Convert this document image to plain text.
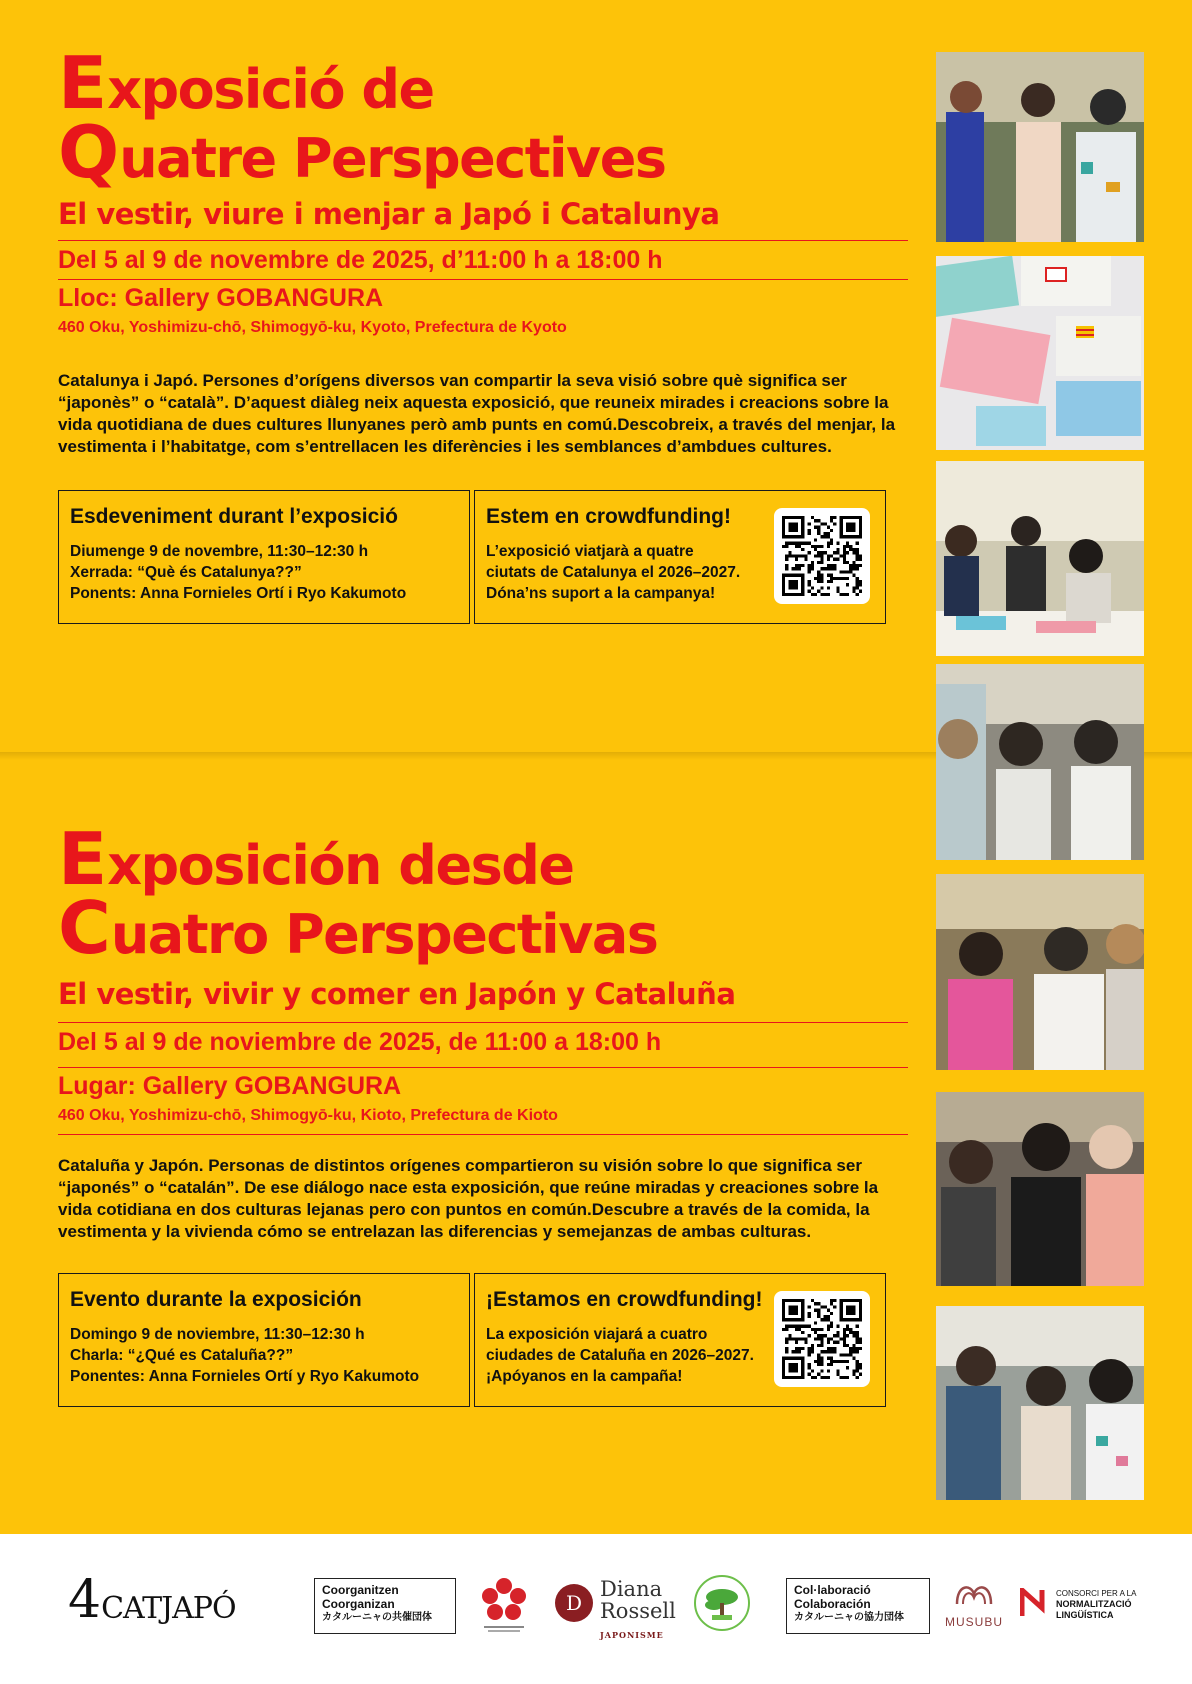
Exposició de
Quatre Perspectives
El vestir, viure i menjar a Japó i Catalunya
Del 5 al 9 de novembre de 2025, d’11:00 h a 18:00 h
Lloc: Gallery GOBANGURA
460 Oku, Yoshimizu-chō, Shimogyō-ku, Kyoto, Prefectura de Kyoto
Catalunya i Japó. Persones d’orígens diversos van compartir la seva visió sobre què significa ser “japonès” o “català”. D’aquest diàleg neix aquesta exposició, que reuneix mirades i creacions sobre la vida quotidiana de dues cultures llunyanes però amb punts en comú.Descobreix, a través del menjar, la vestimenta i l’habitatge, com s’entrellacen les diferències i les semblances d’ambdues cultures.
Esdeveniment durant l’exposició
Diumenge 9 de novembre, 11:30–12:30 h
Xerrada: “Què és Catalunya??”
Ponents: Anna Fornieles Ortí i Ryo Kakumoto
Estem en crowdfunding!
L’exposició viatjarà a quatre
ciutats de Catalunya el 2026–2027.
Dóna’ns suport a la campanya!
Exposición desde
Cuatro Perspectivas
El vestir, vivir y comer en Japón y Cataluña
Del 5 al 9 de noviembre de 2025, de 11:00 a 18:00 h
Lugar: Gallery GOBANGURA
460 Oku, Yoshimizu-chō, Shimogyō-ku, Kioto, Prefectura de Kioto
Cataluña y Japón. Personas de distintos orígenes compartieron su visión sobre lo que significa ser “japonés” o “catalán”. De ese diálogo nace esta exposición, que reúne miradas y creaciones sobre la vida cotidiana en dos culturas lejanas pero con puntos en común.Descubre a través de la comida, la vestimenta y la vivienda cómo se entrelazan las diferencias y semejanzas de ambas culturas.
Evento durante la exposición
Domingo 9 de noviembre, 11:30–12:30 h
Charla: “¿Qué es Cataluña??”
Ponentes: Anna Fornieles Ortí y Ryo Kakumoto
¡Estamos en crowdfunding!
La exposición viajará a cuatro
ciudades de Cataluña en 2026–2027.
¡Apóyanos en la campaña!
4CATJAPÓ
Coorganitzen
Coorganizan
カタルーニャの共催団体
D
Diana
Rossell
JAPONISME
Col·laboració
Colaboración
カタルーニャの協力団体	MUSUBU
CONSORCI PER A LA
NORMALITZACIÓ
LINGÜÍSTICA
